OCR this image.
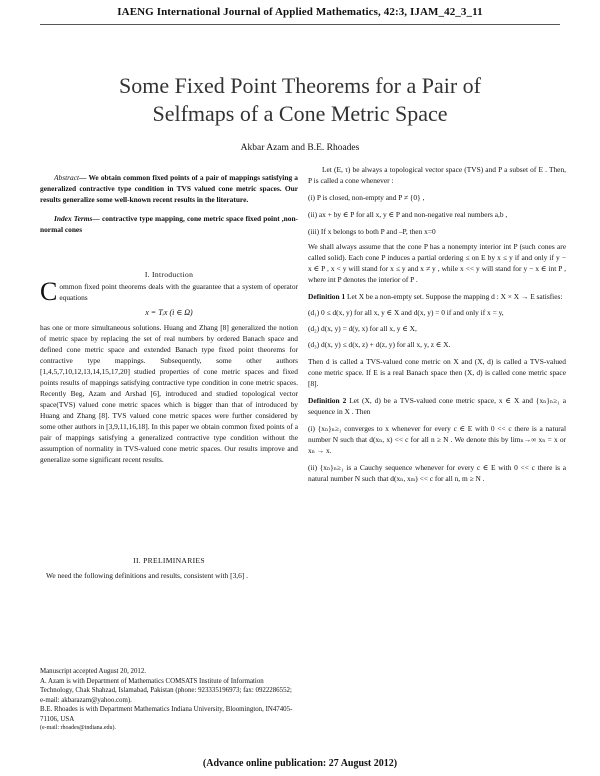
IAENG International Journal of Applied Mathematics, 42:3, IJAM_42_3_11
Some Fixed Point Theorems for a Pair of
Selfmaps of a Cone Metric Space
Akbar Azam and B.E. Rhoades

Abstract— We obtain common fixed points of a pair of mappings satisfying a generalized contractive type condition in TVS valued cone metric spaces. Our results generalize some well-known recent results in the literature.

Index Terms— contractive type mapping, cone metric space fixed point ,non-normal cones

I. Introduction

Common fixed point theorems deals with the guarantee that a system of operator equations

x = Tᵢx (i ∈ Ω)

has one or more simultaneous solutions. Huang and Zhang [8] generalized the notion of metric space by replacing the set of real numbers by ordered Banach space and defined cone metric space and extended Banach type fixed point theorems for contractive type mappings. Subsequently, some other authors [1,4,5,7,10,12,13,14,15,17,20] studied properties of cone metric spaces and fixed points results of mappings satisfying contractive type condition in cone metric spaces. Recently Beg, Azam and Arshad [6], introduced and studied topological vector space(TVS) valued cone metric spaces which is bigger than that of introduced by Huang and Zhang [8]. TVS valued cone metric spaces were further considered by some other authors in [3,9,11,16,18]. In this paper we obtain common fixed points of a pair of mappings satisfying a generalized contractive type condition without the assumption of normality in TVS-valued cone metric spaces. Our results improve and generalize some significant recent results.

II. PRELIMINARIES

We need the following definitions and results, consistent with [3,6] .

Manuscript accepted August 20, 2012.

A. Azam is with Department of Mathematics COMSATS Institute of Information Technology, Chak Shahzad, Islamabad, Pakistan (phone: 923335196973; fax: 0922286552; e-mail: akbarazam@yahoo.com).

B.E. Rhoades is with Department Mathematics Indiana University, Bloomington, IN47405-71106, USA

(e-mail: rhoades@indiana.edu).

Let (E, τ) be always a topological vector space (TVS) and P a subset of E . Then, P is called a cone whenever :

(i) P is closed, non-empty and P ≠ {0} ,

(ii) ax + by ∈ P for all x, y ∈ P and non-negative real numbers a,b ,

(iii) If x belongs to both P and –P, then x=0

We shall always assume that the cone P has a nonempty interior int P (such cones are called solid). Each cone P induces a partial ordering ≤ on E by x ≤ y if and only if y − x ∈ P , x < y will stand for x ≤ y and x ≠ y , while x << y will stand for y − x ∈ int P , where int P denotes the interior of P .

Definition 1 Let X be a non-empty set. Suppose the mapping d : X × X → E satisfies:

(d₁) 0 ≤ d(x, y) for all x, y ∈ X and d(x, y) = 0 if and only if x = y,

(d₂) d(x, y) = d(y, x) for all x, y ∈ X,

(d₃) d(x, y) ≤ d(x, z) + d(z, y) for all x, y, z ∈ X.

Then d is called a TVS-valued cone metric on X and (X, d) is called a TVS-valued cone metric space. If E is a real Banach space then (X, d) is called cone metric space [8].

Definition 2 Let (X, d) be a TVS-valued cone metric space, x ∈ X and {xₙ}ₙ≥₁ a sequence in X . Then

(i) {xₙ}ₙ≥₁ converges to x whenever for every c ∈ E with 0 << c there is a natural number N such that d(xₙ, x) << c for all n ≥ N . We denote this by limₙ→∞ xₙ = x or xₙ → x.

(ii) {xₙ}ₙ≥₁ is a Cauchy sequence whenever for every c ∈ E with 0 << c there is a natural number N such that d(xₙ, xₘ) << c for all n, m ≥ N .

(Advance online publication: 27 August 2012)
